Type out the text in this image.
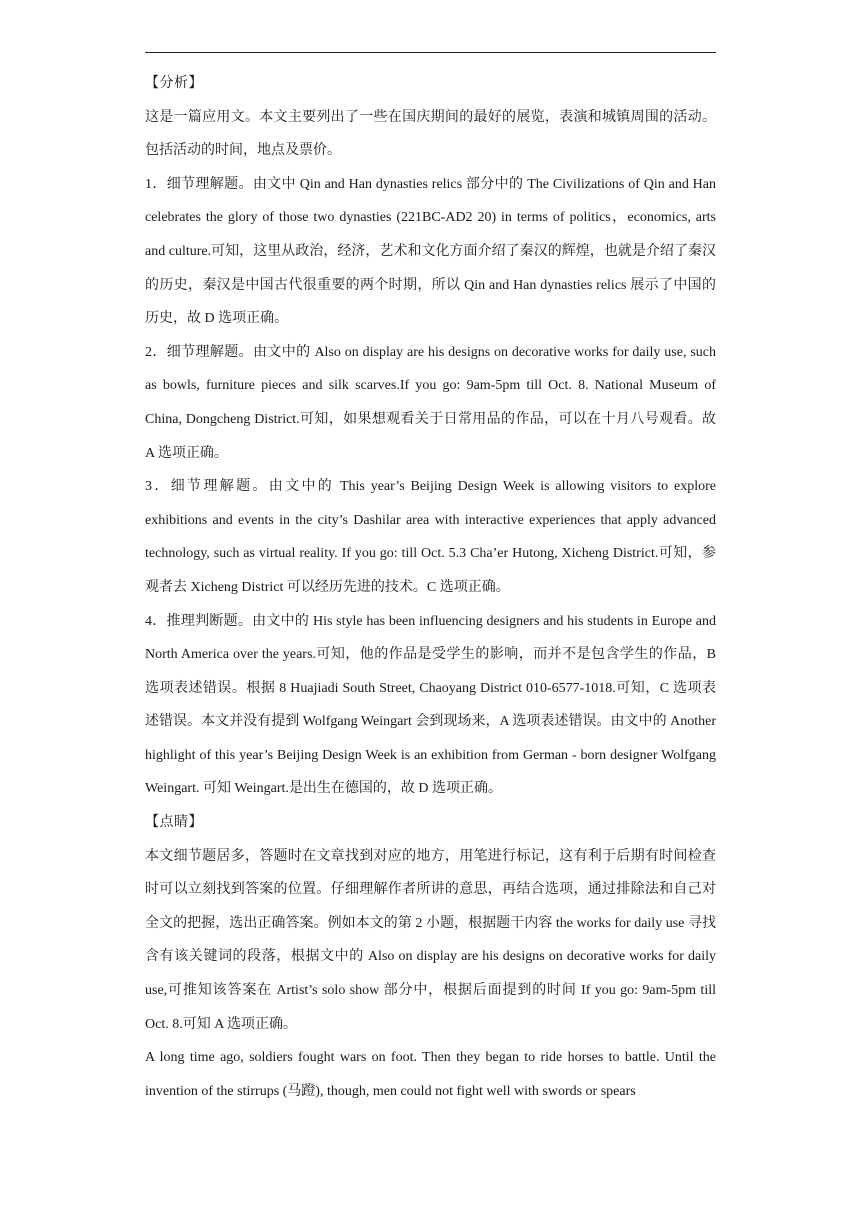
【分析】

这是一篇应用文。本文主要列出了一些在国庆期间的最好的展览，表演和城镇周围的活动。包括活动的时间，地点及票价。

1．细节理解题。由文中 Qin and Han dynasties relics 部分中的 The Civilizations of Qin and Han celebrates the glory of those two dynasties (221BC-AD2 20) in terms of politics，economics, arts and culture.可知，这里从政治，经济，艺术和文化方面介绍了秦汉的辉煌，也就是介绍了秦汉的历史，秦汉是中国古代很重要的两个时期，所以 Qin and Han dynasties relics 展示了中国的历史，故 D 选项正确。

2．细节理解题。由文中的 Also on display are his designs on decorative works for daily use, such as bowls, furniture pieces and silk scarves.If you go: 9am-5pm till Oct. 8. National Museum of China, Dongcheng District.可知，如果想观看关于日常用品的作品，可以在十月八号观看。故 A 选项正确。

3．细节理解题。由文中的 This year’s Beijing Design Week is allowing visitors to explore exhibitions and events in the city’s Dashilar area with interactive experiences that apply advanced technology, such as virtual reality. If you go: till Oct. 5.3 Cha’er Hutong, Xicheng District.可知，参观者去 Xicheng District 可以经历先进的技术。C 选项正确。

4．推理判断题。由文中的 His style has been influencing designers and his students in Europe and North America over the years.可知，他的作品是受学生的影响，而并不是包含学生的作品，B 选项表述错误。根据 8 Huajiadi South Street, Chaoyang District 010-6577-1018.可知，C 选项表述错误。本文并没有提到 Wolfgang Weingart 会到现场来，A 选项表述错误。由文中的 Another highlight of this year’s Beijing Design Week is an exhibition from German - born designer Wolfgang Weingart. 可知 Weingart.是出生在德国的，故 D 选项正确。

【点睛】

本文细节题居多，答题时在文章找到对应的地方，用笔进行标记，这有利于后期有时间检查时可以立刻找到答案的位置。仔细理解作者所讲的意思，再结合选项，通过排除法和自己对全文的把握，选出正确答案。例如本文的第 2 小题，根据题干内容 the works for daily use 寻找含有该关键词的段落，根据文中的 Also on display are his designs on decorative works for daily use,可推知该答案在 Artist’s solo show 部分中，根据后面提到的时间 If you go: 9am-5pm till Oct. 8.可知 A 选项正确。

A long time ago, soldiers fought wars on foot. Then they began to ride horses to battle. Until the invention of the stirrups (马蹬), though, men could not fight well with swords or spears
